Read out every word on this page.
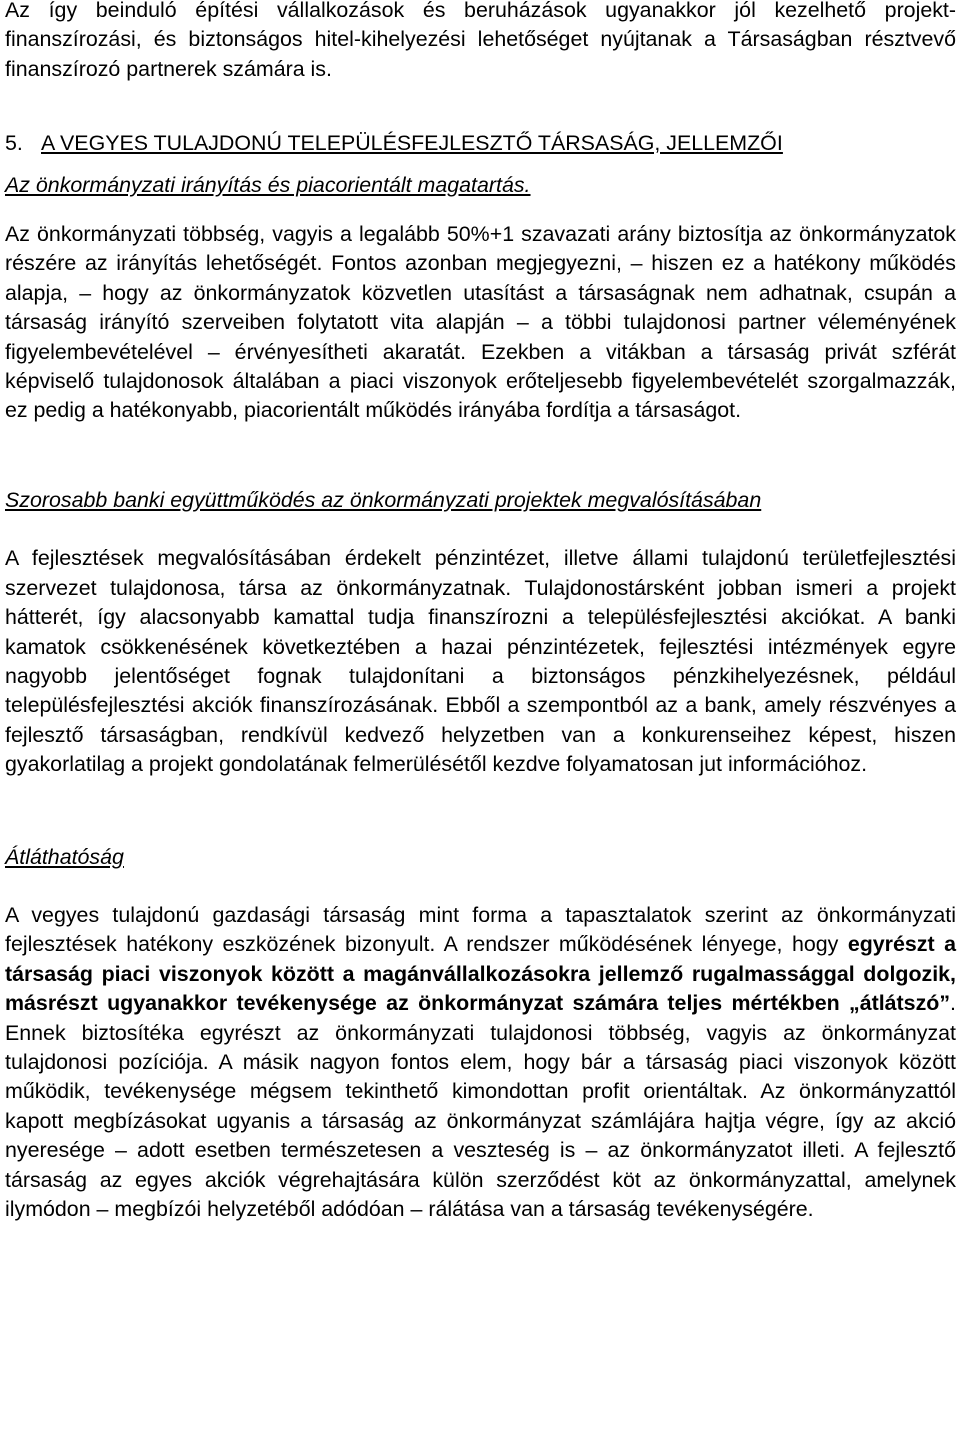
Az így beinduló építési vállalkozások és beruházások ugyanakkor jól kezelhető projekt-finanszírozási, és biztonságos hitel-kihelyezési lehetőséget nyújtanak a Társaságban résztvevő finanszírozó partnerek számára is.

5. A VEGYES TULAJDONÚ TELEPÜLÉSFEJLESZTŐ TÁRSASÁG, JELLEMZŐI

Az önkormányzati irányítás és piacorientált magatartás.

Az önkormányzati többség, vagyis a legalább 50%+1 szavazati arány biztosítja az önkormányzatok részére az irányítás lehetőségét. Fontos azonban megjegyezni, – hiszen ez a hatékony működés alapja, – hogy az önkormányzatok közvetlen utasítást a társaságnak nem adhatnak, csupán a társaság irányító szerveiben folytatott vita alapján – a többi tulajdonosi partner véleményének figyelembevételével – érvényesítheti akaratát. Ezekben a vitákban a társaság privát szférát képviselő tulajdonosok általában a piaci viszonyok erőteljesebb figyelembevételét szorgalmazzák, ez pedig a hatékonyabb, piacorientált működés irányába fordítja a társaságot.

Szorosabb banki együttműködés az önkormányzati projektek megvalósításában

A fejlesztések megvalósításában érdekelt pénzintézet, illetve állami tulajdonú területfejlesztési szervezet tulajdonosa, társa az önkormányzatnak. Tulajdonostársként jobban ismeri a projekt hátterét, így alacsonyabb kamattal tudja finanszírozni a településfejlesztési akciókat. A banki kamatok csökkenésének következtében a hazai pénzintézetek, fejlesztési intézmények egyre nagyobb jelentőséget fognak tulajdonítani a biztonságos pénzkihelyezésnek, például településfejlesztési akciók finanszírozásának. Ebből a szempontból az a bank, amely részvényes a fejlesztő társaságban, rendkívül kedvező helyzetben van a konkurenseihez képest, hiszen gyakorlatilag a projekt gondolatának felmerülésétől kezdve folyamatosan jut információhoz.

Átláthatóság

A vegyes tulajdonú gazdasági társaság mint forma a tapasztalatok szerint az önkormányzati fejlesztések hatékony eszközének bizonyult. A rendszer működésének lényege, hogy egyrészt a társaság piaci viszonyok között a magánvállalkozásokra jellemző rugalmassággal dolgozik, másrészt ugyanakkor tevékenysége az önkormányzat számára teljes mértékben „átlátszó”. Ennek biztosítéka egyrészt az önkormányzati tulajdonosi többség, vagyis az önkormányzat tulajdonosi pozíciója. A másik nagyon fontos elem, hogy bár a társaság piaci viszonyok között működik, tevékenysége mégsem tekinthető kimondottan profit orientáltak. Az önkormányzattól kapott megbízásokat ugyanis a társaság az önkormányzat számlájára hajtja végre, így az akció nyeresége – adott esetben természetesen a veszteség is – az önkormányzatot illeti. A fejlesztő társaság az egyes akciók végrehajtására külön szerződést köt az önkormányzattal, amelynek ilymódon – megbízói helyzetéből adódóan – rálátása van a társaság tevékenységére.
